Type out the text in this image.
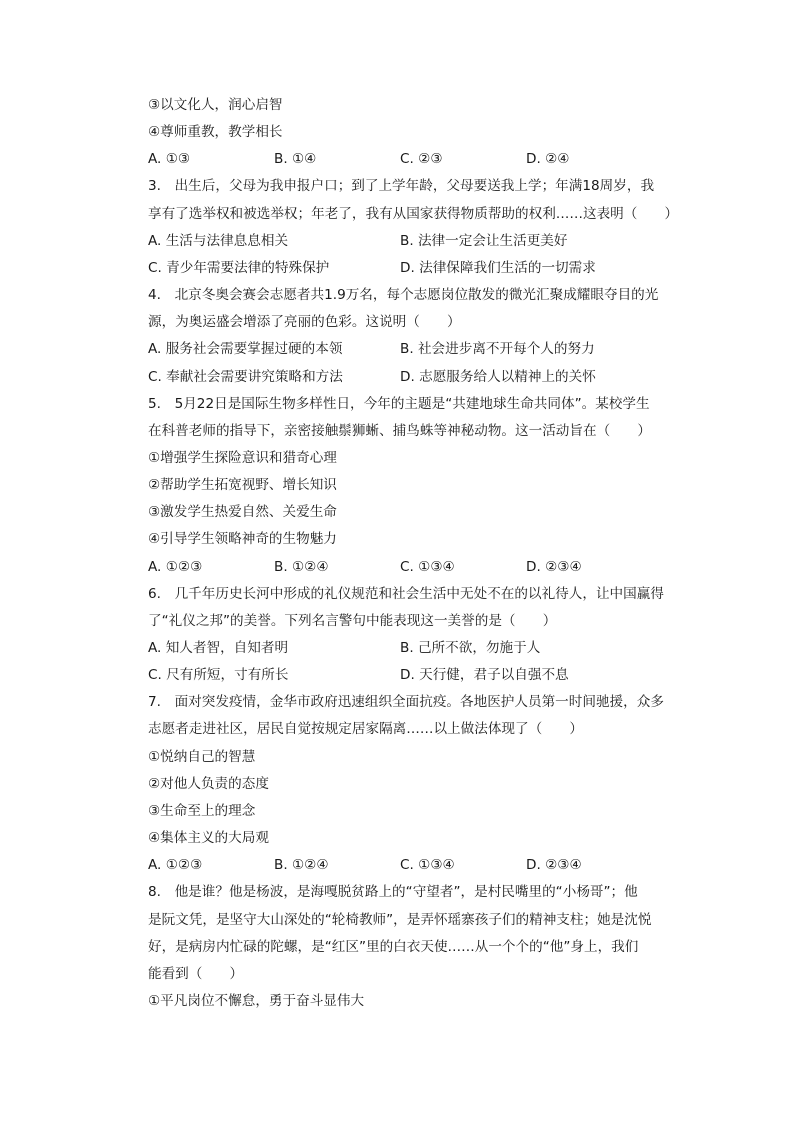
③以文化人，润心启智
④尊师重教，教学相长
A. ①③	B. ①④	C. ②③	D. ②④
3.　出生后，父母为我申报户口；到了上学年龄，父母要送我上学；年满18周岁，我
享有了选举权和被选举权；年老了，我有从国家获得物质帮助的权利……这表明（　　）
A. 生活与法律息息相关	B. 法律一定会让生活更美好
C. 青少年需要法律的特殊保护	D. 法律保障我们生活的一切需求
4.　北京冬奥会赛会志愿者共1.9万名，每个志愿岗位散发的微光汇聚成耀眼夺目的光
源，为奥运盛会增添了亮丽的色彩。这说明（　　）
A. 服务社会需要掌握过硬的本领	B. 社会进步离不开每个人的努力
C. 奉献社会需要讲究策略和方法	D. 志愿服务给人以精神上的关怀
5.　5月22日是国际生物多样性日，今年的主题是“共建地球生命共同体”。某校学生
在科普老师的指导下，亲密接触鬃狮蜥、捕鸟蛛等神秘动物。这一活动旨在（　　）
①增强学生探险意识和猎奇心理
②帮助学生拓宽视野、增长知识
③激发学生热爱自然、关爱生命
④引导学生领略神奇的生物魅力
A. ①②③	B. ①②④	C. ①③④	D. ②③④
6.　几千年历史长河中形成的礼仪规范和社会生活中无处不在的以礼待人，让中国赢得
了“礼仪之邦”的美誉。下列名言警句中能表现这一美誉的是（　　）
A. 知人者智，自知者明	B. 己所不欲，勿施于人
C. 尺有所短，寸有所长	D. 天行健，君子以自强不息
7.　面对突发疫情，金华市政府迅速组织全面抗疫。各地医护人员第一时间驰援，众多
志愿者走进社区，居民自觉按规定居家隔离……以上做法体现了（　　）
①悦纳自己的智慧
②对他人负责的态度
③生命至上的理念
④集体主义的大局观
A. ①②③	B. ①②④	C. ①③④	D. ②③④
8.　他是谁？他是杨波，是海嘎脱贫路上的“守望者”，是村民嘴里的“小杨哥”；他
是阮文凭，是坚守大山深处的“轮椅教师”，是弄怀瑶寨孩子们的精神支柱；她是沈悦
好，是病房内忙碌的陀螺，是“红区”里的白衣天使……从一个个的“他”身上，我们
能看到（　　）
①平凡岗位不懈怠，勇于奋斗显伟大
